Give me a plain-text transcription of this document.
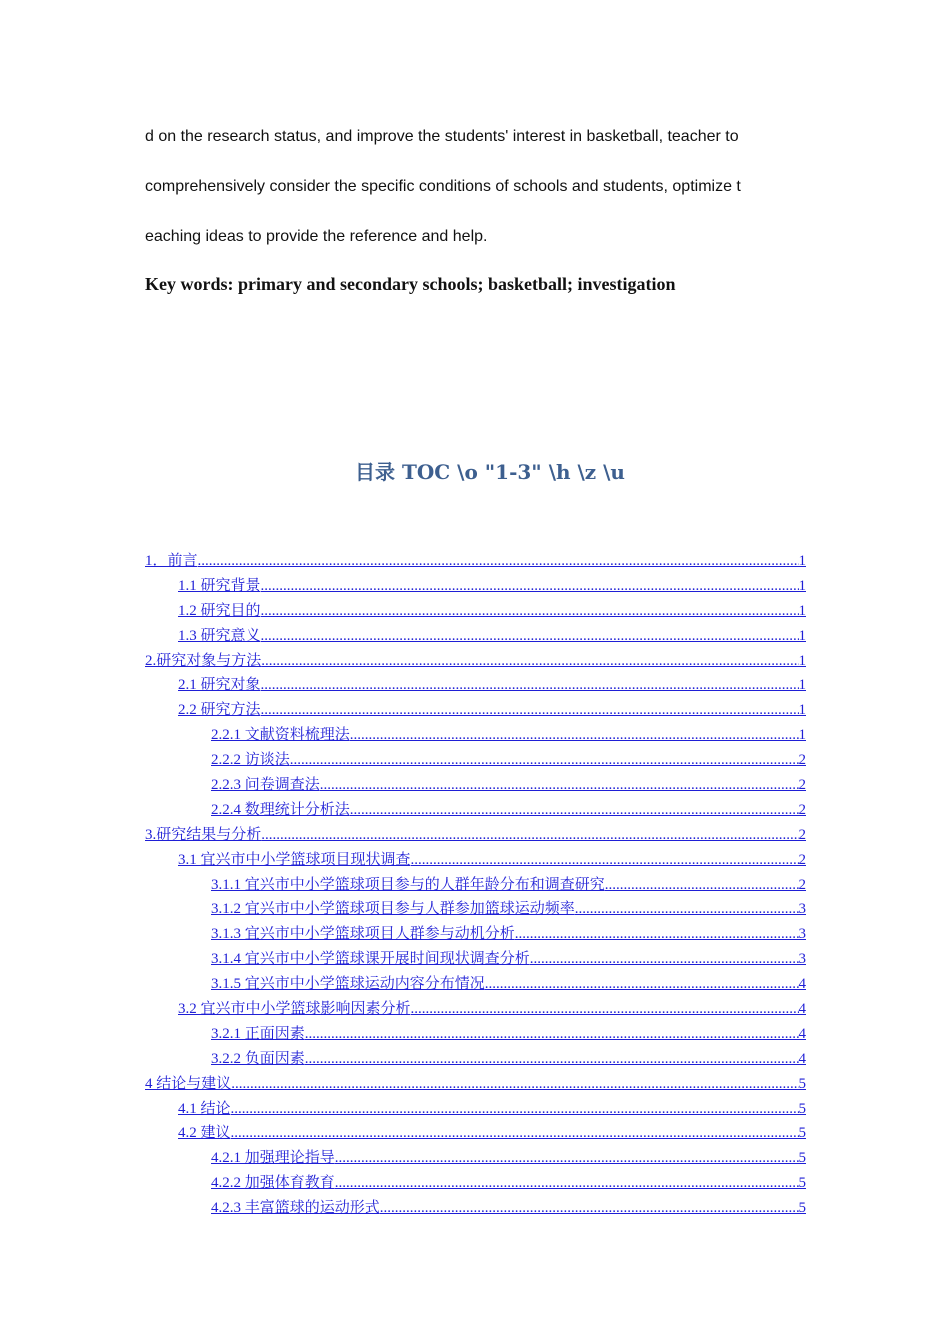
d on the research status, and improve the students' interest in basketball, teacher to
comprehensively consider the specific conditions of schools and students, optimize t
eaching ideas to provide the reference and help.
Key words: primary and secondary schools; basketball; investigation
目录 TOC \o "1-3" \h \z \u
1．前言 .....	1
1.1 研究背景 .....	1
1.2 研究目的 .....	1
1.3 研究意义 .....	1
2.研究对象与方法 .....	1
2.1 研究对象 .....	1
2.2 研究方法 .....	1
2.2.1 文献资料梳理法 .....	1
2.2.2 访谈法 .....	2
2.2.3 问卷调查法 .....	2
2.2.4 数理统计分析法 .....	2
3.研究结果与分析 .....	2
3.1 宜兴市中小学篮球项目现状调查 .....	2
3.1.1 宜兴市中小学篮球项目参与的人群年龄分布和调查研究 .....	2
3.1.2 宜兴市中小学篮球项目参与人群参加篮球运动频率 .....	3
3.1.3 宜兴市中小学篮球项目人群参与动机分析 .....	3
3.1.4 宜兴市中小学篮球课开展时间现状调查分析 .....	3
3.1.5 宜兴市中小学篮球运动内容分布情况 .....	4
3.2 宜兴市中小学篮球影响因素分析 .....	4
3.2.1 正面因素 .....	4
3.2.2 负面因素 .....	4
4 结论与建议 .....	5
4.1 结论 .....	5
4.2 建议 .....	5
4.2.1 加强理论指导 .....	5
4.2.2 加强体育教育 .....	5
4.2.3 丰富篮球的运动形式 .....	5
